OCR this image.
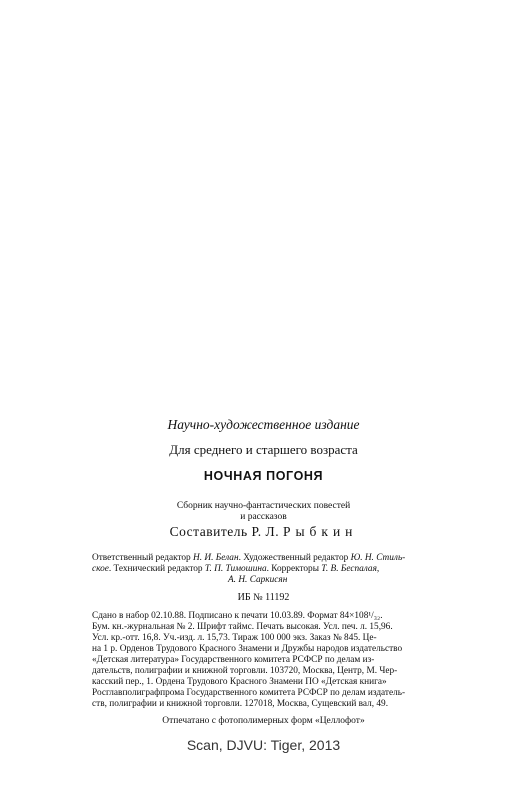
Научно-художественное издание
Для среднего и старшего возраста
НОЧНАЯ ПОГОНЯ
Сборник научно-фантастических повестей
и рассказов
Составитель Р. Л. Рыбкин
Ответственный редактор Н. И. Белан. Художественный редактор Ю. Н. Стиль-
ское. Технический редактор Т. П. Тимошина. Корректоры Т. В. Беспалая,
А. Н. Саркисян
ИБ № 11192
Сдано в набор 02.10.88. Подписано к печати 10.03.89. Формат 84×108¹/₃₂.
Бум. кн.-журнальная № 2. Шрифт таймс. Печать высокая. Усл. печ. л. 15,96.
Усл. кр.-отт. 16,8. Уч.-изд. л. 15,73. Тираж 100 000 экз. Заказ № 845. Це-
на 1 р. Орденов Трудового Красного Знамени и Дружбы народов издательство
«Детская литература» Государственного комитета РСФСР по делам из-
дательств, полиграфии и книжной торговли. 103720, Москва, Центр, М. Чер-
касский пер., 1. Ордена Трудового Красного Знамени ПО «Детская книга»
Росглавполиграфпрома Государственного комитета РСФСР по делам издатель-
ств, полиграфии и книжной торговли. 127018, Москва, Сущевский вал, 49.
Отпечатано с фотополимерных форм «Целлофот»
Scan, DJVU: Tiger, 2013
